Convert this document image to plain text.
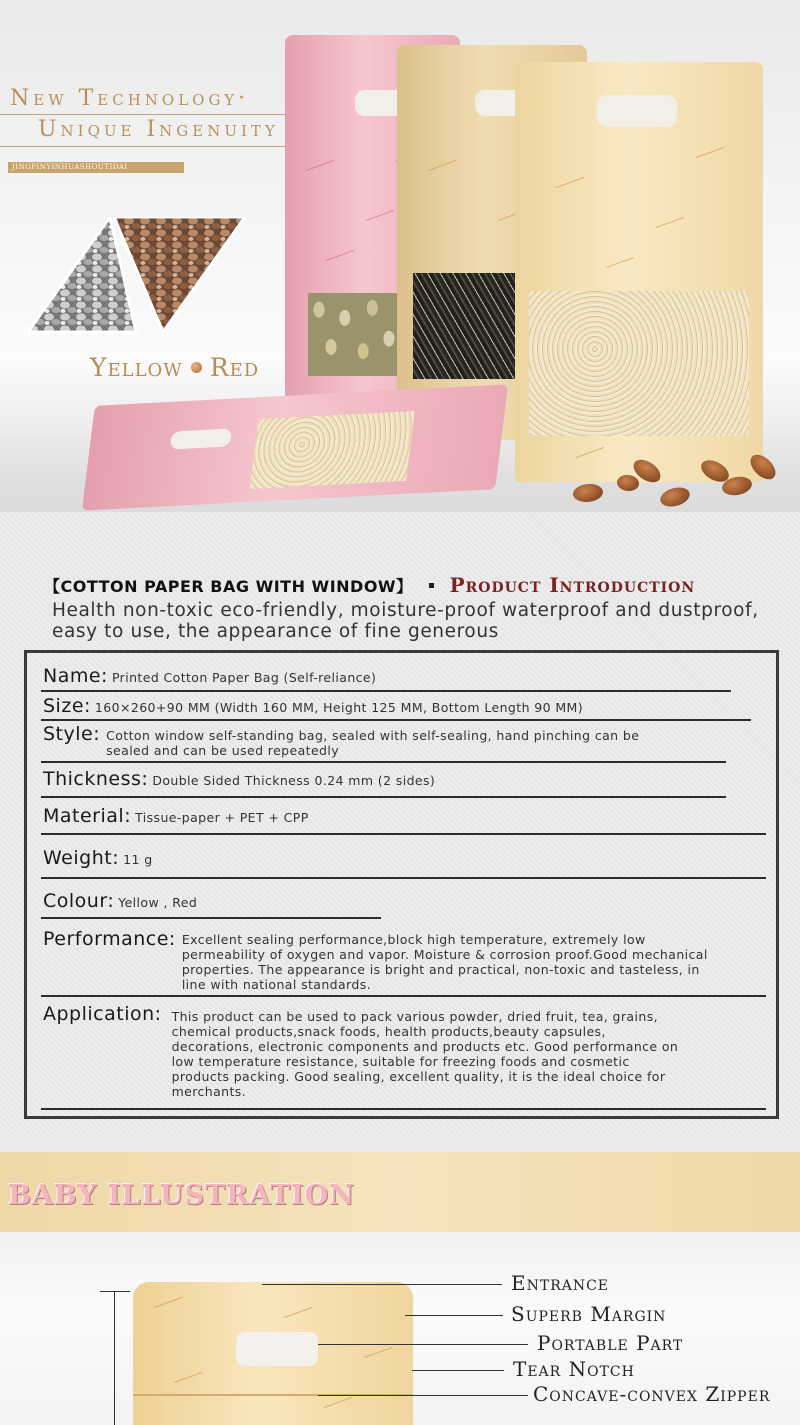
New Technology·
Unique Ingenuity
JINGPINYINHUASHOUTIDAI
Yellow Red
【COTTON PAPER BAG WITH WINDOW】 Product Introduction
Health non-toxic eco-friendly, moisture-proof waterproof and dustproof, easy to use, the appearance of fine generous
Name: Printed Cotton Paper Bag (Self-reliance)
Size: 160×260+90 MM (Width 160 MM, Height 125 MM, Bottom Length 90 MM)
Style: Cotton window self-standing bag, sealed with self-sealing, hand pinching can be sealed and can be used repeatedly
Thickness: Double Sided Thickness 0.24 mm (2 sides)
Material: Tissue-paper + PET + CPP
Weight: 11 g
Colour: Yellow , Red
Performance: Excellent sealing performance,block high temperature, extremely low permeability of oxygen and vapor. Moisture & corrosion proof.Good mechanical properties. The appearance is bright and practical, non-toxic and tasteless, in line with national standards.
Application: This product can be used to pack various powder, dried fruit, tea, grains, chemical products,snack foods, health products,beauty capsules, decorations, electronic components and products etc. Good performance on low temperature resistance, suitable for freezing foods and cosmetic products packing. Good sealing, excellent quality, it is the ideal choice for merchants.
BABY ILLUSTRATION
Entrance
Superb Margin
Portable Part
Tear Notch
Concave-convex Zipper
